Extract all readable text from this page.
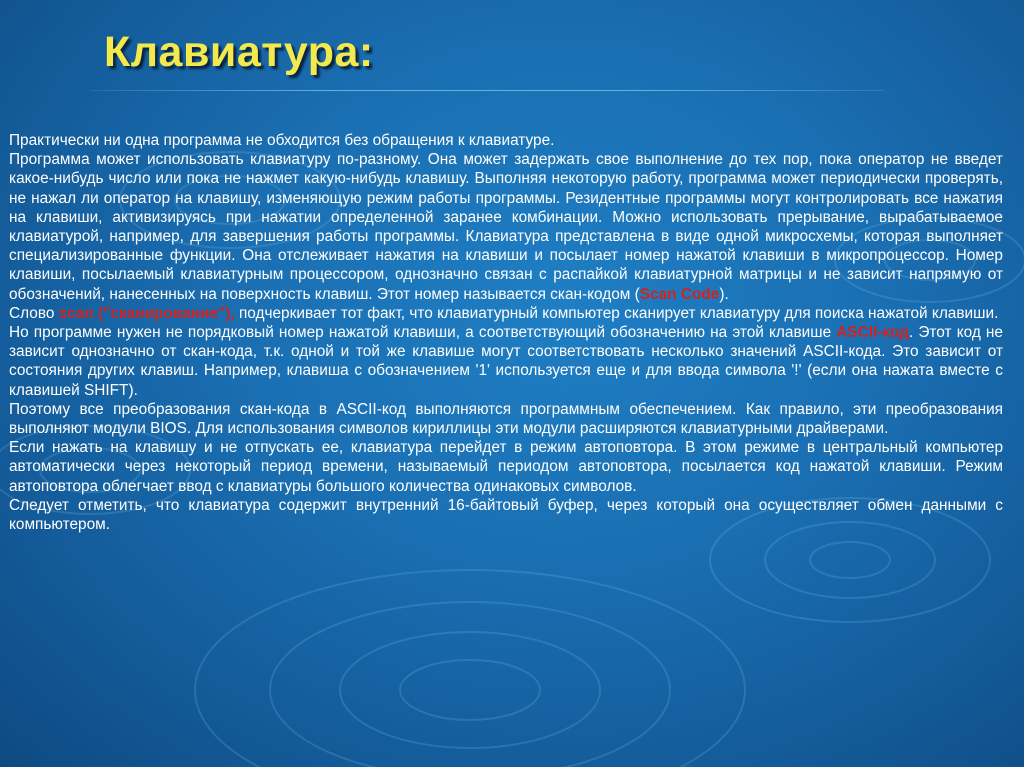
Клавиатура:

Практически ни одна программа не обходится без обращения к клавиатуре.

Программа может использовать клавиатуру по-разному. Она может задержать свое выполнение до тех пор, пока оператор не введет какое-нибудь число или пока не нажмет какую-нибудь клавишу. Выполняя некоторую работу, программа может периодически проверять, не нажал ли оператор на клавишу, изменяющую режим работы программы. Резидентные программы могут контролировать все нажатия на клавиши, активизируясь при нажатии определенной заранее комбинации. Можно использовать прерывание, вырабатываемое клавиатурой, например, для завершения работы программы. Клавиатура представлена в виде одной микросхемы, которая выполняет специализированные функции. Она отслеживает нажатия на клавиши и посылает номер нажатой клавиши в микропроцессор. Номер клавиши, посылаемый клавиатурным процессором, однозначно связан с распайкой клавиатурной матрицы и не зависит напрямую от обозначений, нанесенных на поверхность клавиш. Этот номер называется скан-кодом (Scan Code).

Слово scan ("сканирование"), подчеркивает тот факт, что клавиатурный компьютер сканирует клавиатуру для поиска нажатой клавиши.

Но программе нужен не порядковый номер нажатой клавиши, а соответствующий обозначению на этой клавише ASCII-код. Этот код не зависит однозначно от скан-кода, т.к. одной и той же клавише могут соответствовать несколько значений ASCII-кода. Это зависит от состояния других клавиш. Например, клавиша с обозначением '1' используется еще и для ввода символа '!' (если она нажата вместе с клавишей SHIFT).

Поэтому все преобразования скан-кода в ASCII-код выполняются программным обеспечением. Как правило, эти преобразования выполняют модули BIOS. Для использования символов кириллицы эти модули расширяются клавиатурными драйверами.

Если нажать на клавишу и не отпускать ее, клавиатура перейдет в режим автоповтора. В этом режиме в центральный компьютер автоматически через некоторый период времени, называемый периодом автоповтора, посылается код нажатой клавиши. Режим автоповтора облегчает ввод с клавиатуры большого количества одинаковых символов.

Следует отметить, что клавиатура содержит внутренний 16-байтовый буфер, через который она осуществляет обмен данными с компьютером.
